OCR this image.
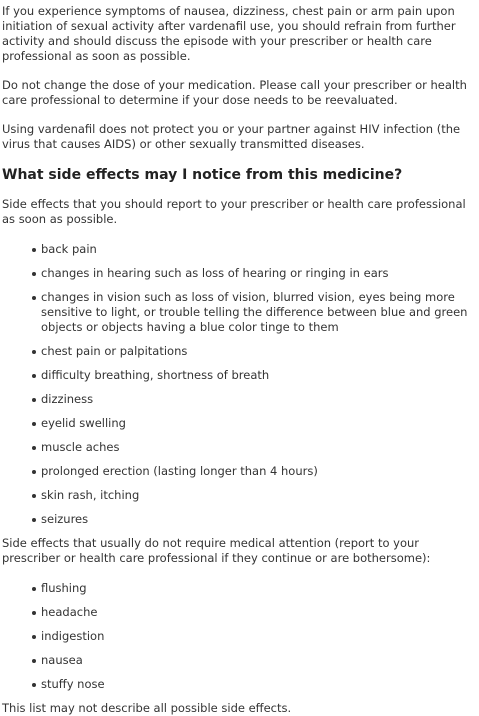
If you experience symptoms of nausea, dizziness, chest pain or arm pain upon initiation of sexual activity after vardenafil use, you should refrain from further activity and should discuss the episode with your prescriber or health care professional as soon as possible.

Do not change the dose of your medication. Please call your prescriber or health care professional to determine if your dose needs to be reevaluated.

Using vardenafil does not protect you or your partner against HIV infection (the virus that causes AIDS) or other sexually transmitted diseases.

What side effects may I notice from this medicine?

Side effects that you should report to your prescriber or health care professional as soon as possible.

back pain
changes in hearing such as loss of hearing or ringing in ears
changes in vision such as loss of vision, blurred vision, eyes being more sensitive to light, or trouble telling the difference between blue and green objects or objects having a blue color tinge to them
chest pain or palpitations
difficulty breathing, shortness of breath
dizziness
eyelid swelling
muscle aches
prolonged erection (lasting longer than 4 hours)
skin rash, itching
seizures

Side effects that usually do not require medical attention (report to your prescriber or health care professional if they continue or are bothersome):

flushing
headache
indigestion
nausea
stuffy nose

This list may not describe all possible side effects.
